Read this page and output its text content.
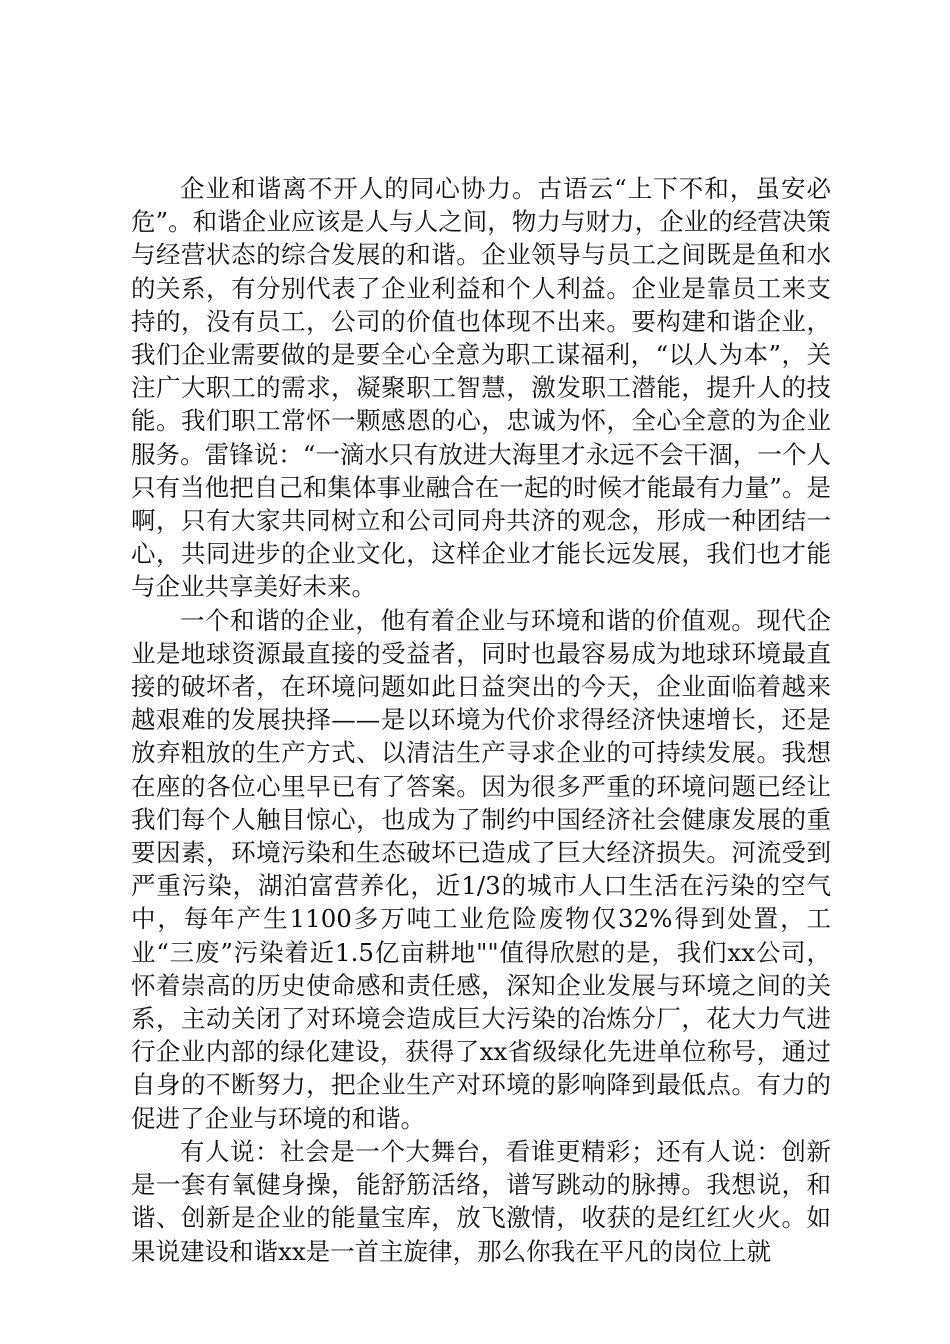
企业和谐离不开人的同心协力。古语云“上下不和，虽安必危”。和谐企业应该是人与人之间，物力与财力，企业的经营决策与经营状态的综合发展的和谐。企业领导与员工之间既是鱼和水的关系，有分别代表了企业利益和个人利益。企业是靠员工来支持的，没有员工，公司的价值也体现不出来。要构建和谐企业，我们企业需要做的是要全心全意为职工谋福利，“以人为本”，关注广大职工的需求，凝聚职工智慧，激发职工潜能，提升人的技能。我们职工常怀一颗感恩的心，忠诚为怀，全心全意的为企业服务。雷锋说：“一滴水只有放进大海里才永远不会干涸，一个人只有当他把自己和集体事业融合在一起的时候才能最有力量”。是啊，只有大家共同树立和公司同舟共济的观念，形成一种团结一心，共同进步的企业文化，这样企业才能长远发展，我们也才能与企业共享美好未来。

一个和谐的企业，他有着企业与环境和谐的价值观。现代企业是地球资源最直接的受益者，同时也最容易成为地球环境最直接的破坏者，在环境问题如此日益突出的今天，企业面临着越来越艰难的发展抉择——是以环境为代价求得经济快速增长，还是放弃粗放的生产方式、以清洁生产寻求企业的可持续发展。我想在座的各位心里早已有了答案。因为很多严重的环境问题已经让我们每个人触目惊心，也成为了制约中国经济社会健康发展的重要因素，环境污染和生态破坏已造成了巨大经济损失。河流受到严重污染，湖泊富营养化，近1/3的城市人口生活在污染的空气中，每年产生1100多万吨工业危险废物仅32%得到处置，工业“三废”污染着近1.5亿亩耕地""值得欣慰的是，我们xx公司，怀着崇高的历史使命感和责任感，深知企业发展与环境之间的关系，主动关闭了对环境会造成巨大污染的冶炼分厂，花大力气进行企业内部的绿化建设，获得了xx省级绿化先进单位称号，通过自身的不断努力，把企业生产对环境的影响降到最低点。有力的促进了企业与环境的和谐。

有人说：社会是一个大舞台，看谁更精彩；还有人说：创新是一套有氧健身操，能舒筋活络，谱写跳动的脉搏。我想说，和谐、创新是企业的能量宝库，放飞激情，收获的是红红火火。如果说建设和谐xx是一首主旋律，那么你我在平凡的岗位上就
